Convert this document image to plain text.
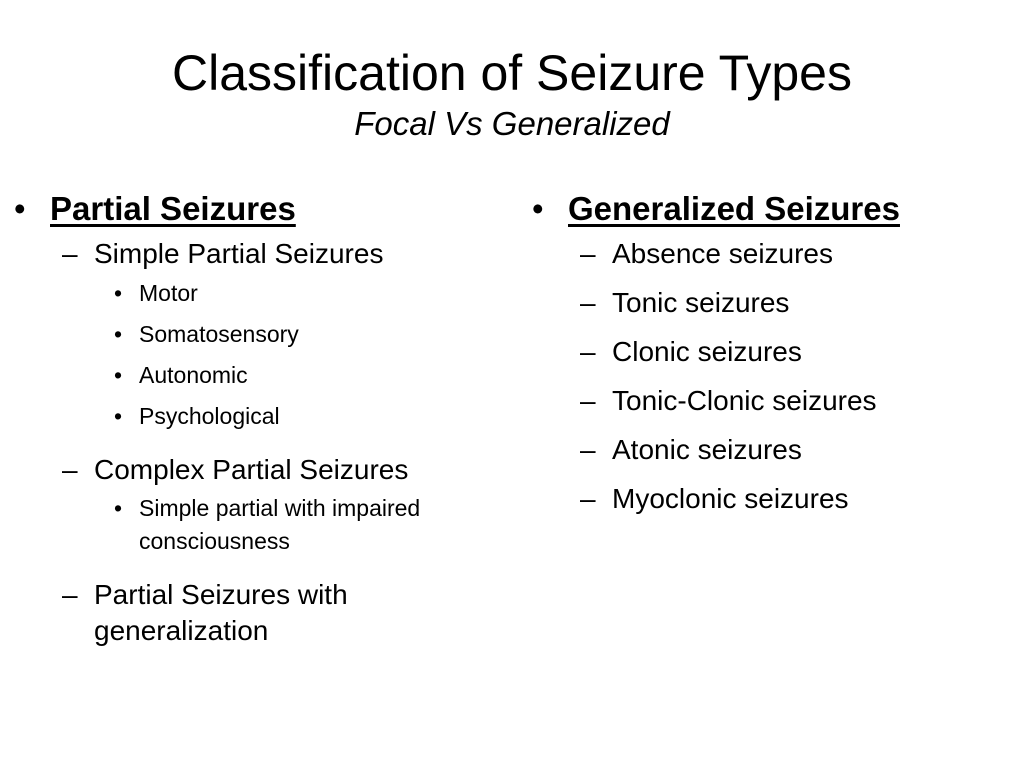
Classification of Seizure Types
Focal Vs Generalized
• Partial Seizures
– Simple Partial Seizures
• Motor
• Somatosensory
• Autonomic
• Psychological
– Complex Partial Seizures
• Simple partial with impaired consciousness
– Partial Seizures with generalization
• Generalized Seizures
– Absence seizures
– Tonic seizures
– Clonic seizures
– Tonic-Clonic seizures
– Atonic seizures
– Myoclonic seizures
